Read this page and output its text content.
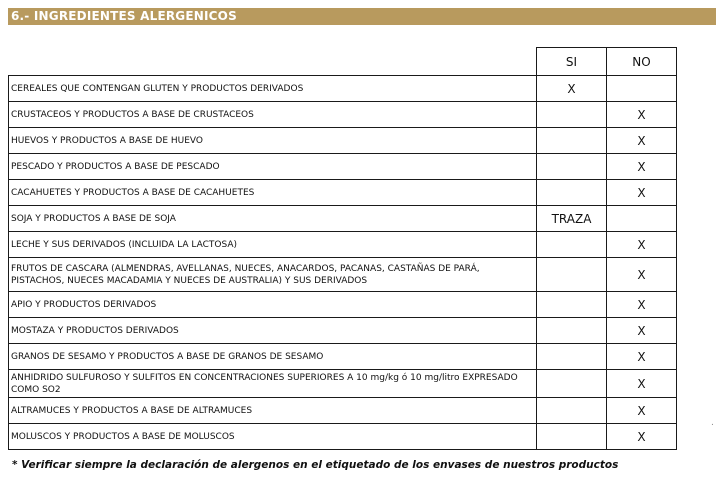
6.- INGREDIENTES ALERGENICOS
	SI	NO
CEREALES QUE CONTENGAN GLUTEN Y PRODUCTOS DERIVADOS	X	
CRUSTACEOS Y PRODUCTOS A BASE DE CRUSTACEOS		X
HUEVOS Y PRODUCTOS A BASE DE HUEVO		X
PESCADO Y PRODUCTOS A BASE DE PESCADO		X
CACAHUETES Y PRODUCTOS A BASE DE CACAHUETES		X
SOJA Y PRODUCTOS A BASE DE SOJA	TRAZA	
LECHE Y SUS DERIVADOS (INCLUIDA LA LACTOSA)		X
FRUTOS DE CASCARA (ALMENDRAS, AVELLANAS, NUECES, ANACARDOS, PACANAS, CASTAÑAS DE PARÁ, PISTACHOS, NUECES MACADAMIA Y NUECES DE AUSTRALIA) Y SUS DERIVADOS		X
APIO Y PRODUCTOS DERIVADOS		X
MOSTAZA Y PRODUCTOS DERIVADOS		X
GRANOS DE SESAMO Y PRODUCTOS A BASE DE GRANOS DE SESAMO		X
ANHIDRIDO SULFUROSO Y SULFITOS EN CONCENTRACIONES SUPERIORES A 10 mg/kg ó 10 mg/litro EXPRESADO COMO SO2		X
ALTRAMUCES Y PRODUCTOS A BASE DE ALTRAMUCES		X
MOLUSCOS Y PRODUCTOS A BASE DE MOLUSCOS		X
* Verificar siempre la declaración de alergenos en el etiquetado de los envases de nuestros productos
.
